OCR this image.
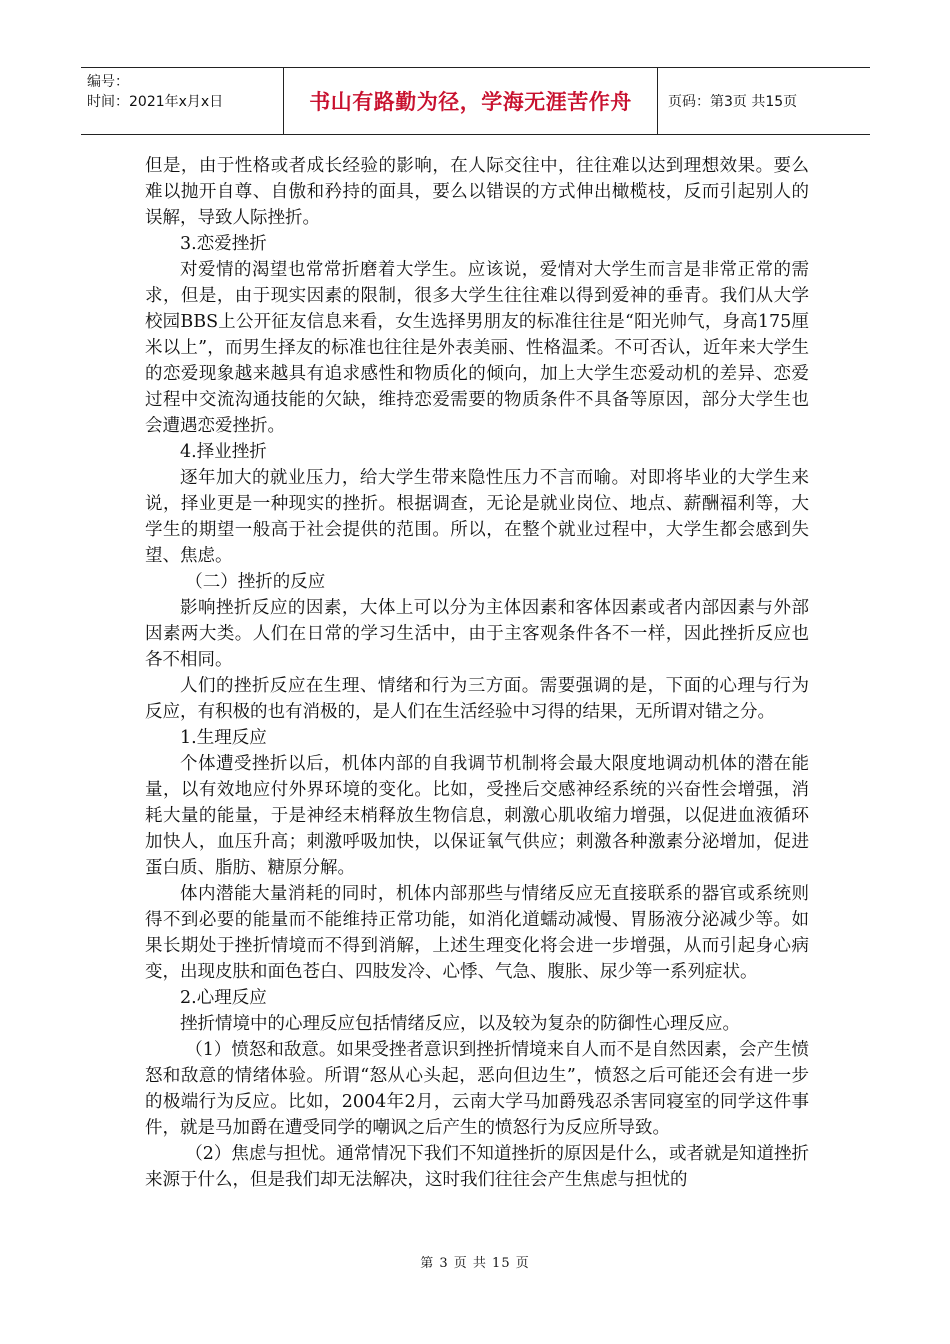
编号：
时间：2021年x月x日	书山有路勤为径，学海无涯苦作舟	页码：第3页 共15页

但是，由于性格或者成长经验的影响，在人际交往中，往往难以达到理想效果。要么难以抛开自尊、自傲和矜持的面具，要么以错误的方式伸出橄榄枝，反而引起别人的误解，导致人际挫折。

3.恋爱挫折

对爱情的渴望也常常折磨着大学生。应该说，爱情对大学生而言是非常正常的需求，但是，由于现实因素的限制，很多大学生往往难以得到爱神的垂青。我们从大学校园BBS上公开征友信息来看，女生选择男朋友的标准往往是“阳光帅气，身高175厘米以上”，而男生择友的标准也往往是外表美丽、性格温柔。不可否认，近年来大学生的恋爱现象越来越具有追求感性和物质化的倾向，加上大学生恋爱动机的差异、恋爱过程中交流沟通技能的欠缺，维持恋爱需要的物质条件不具备等原因，部分大学生也会遭遇恋爱挫折。

4.择业挫折

逐年加大的就业压力，给大学生带来隐性压力不言而喻。对即将毕业的大学生来说，择业更是一种现实的挫折。根据调查，无论是就业岗位、地点、薪酬福利等，大学生的期望一般高于社会提供的范围。所以，在整个就业过程中，大学生都会感到失望、焦虑。

（二）挫折的反应

影响挫折反应的因素，大体上可以分为主体因素和客体因素或者内部因素与外部因素两大类。人们在日常的学习生活中，由于主客观条件各不一样，因此挫折反应也各不相同。

人们的挫折反应在生理、情绪和行为三方面。需要强调的是，下面的心理与行为反应，有积极的也有消极的，是人们在生活经验中习得的结果，无所谓对错之分。

1.生理反应

个体遭受挫折以后，机体内部的自我调节机制将会最大限度地调动机体的潜在能量，以有效地应付外界环境的变化。比如，受挫后交感神经系统的兴奋性会增强，消耗大量的能量，于是神经末梢释放生物信息，刺激心肌收缩力增强，以促进血液循环加快人，血压升高；刺激呼吸加快，以保证氧气供应；刺激各种激素分泌增加，促进蛋白质、脂肪、糖原分解。

体内潜能大量消耗的同时，机体内部那些与情绪反应无直接联系的器官或系统则得不到必要的能量而不能维持正常功能，如消化道蠕动减慢、胃肠液分泌减少等。如果长期处于挫折情境而不得到消解，上述生理变化将会进一步增强，从而引起身心病变，出现皮肤和面色苍白、四肢发冷、心悸、气急、腹胀、尿少等一系列症状。

2.心理反应

挫折情境中的心理反应包括情绪反应，以及较为复杂的防御性心理反应。

（1）愤怒和敌意。如果受挫者意识到挫折情境来自人而不是自然因素，会产生愤怒和敌意的情绪体验。所谓“怒从心头起，恶向但边生”，愤怒之后可能还会有进一步的极端行为反应。比如，2004年2月，云南大学马加爵残忍杀害同寝室的同学这件事件，就是马加爵在遭受同学的嘲讽之后产生的愤怒行为反应所导致。

（2）焦虑与担忧。通常情况下我们不知道挫折的原因是什么，或者就是知道挫折来源于什么，但是我们却无法解决，这时我们往往会产生焦虑与担忧的

第 3 页 共 15 页
